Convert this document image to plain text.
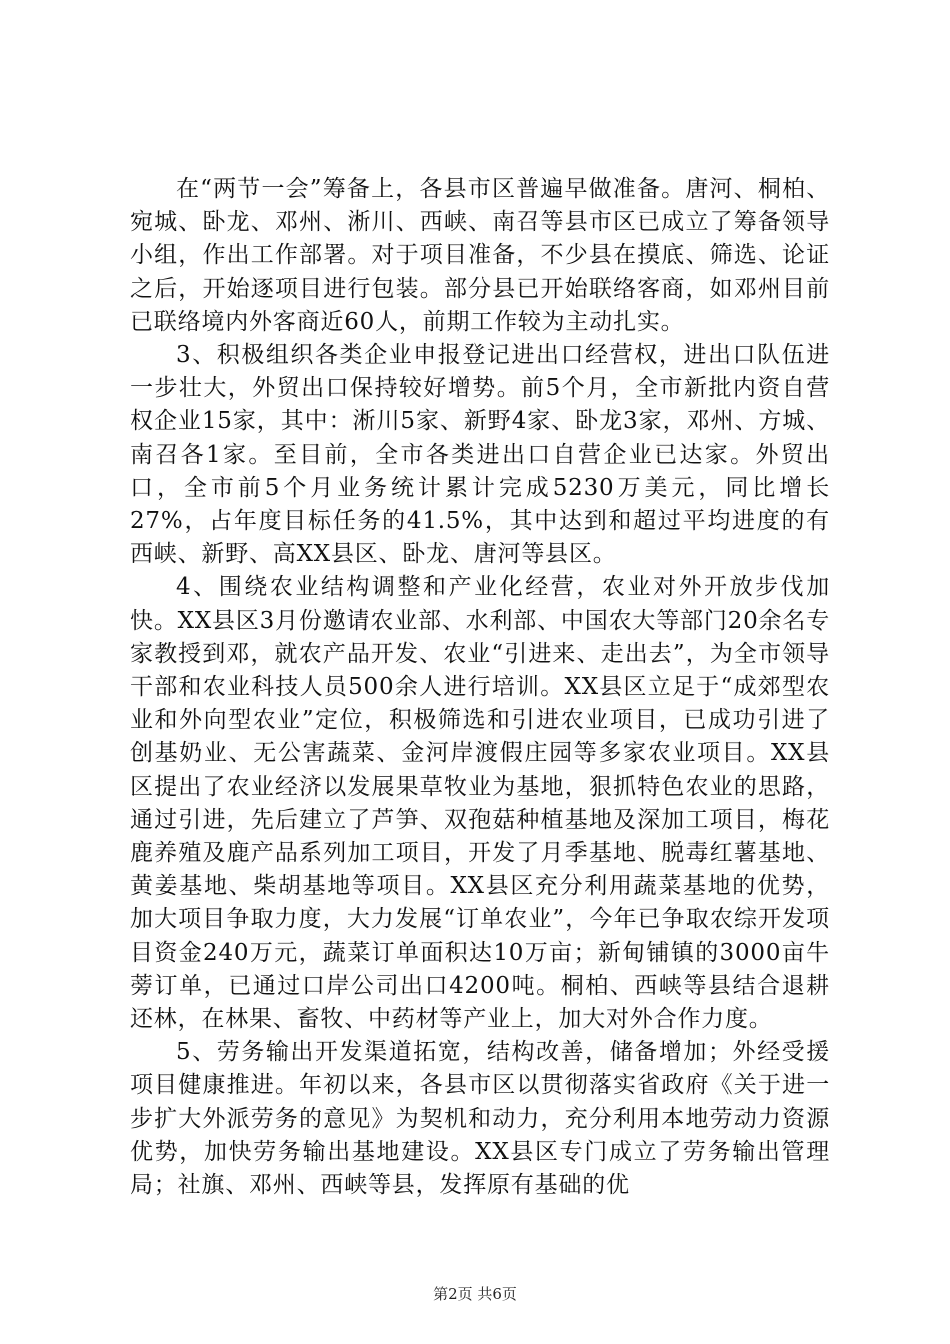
在“两节一会”筹备上，各县市区普遍早做准备。唐河、桐柏、宛城、卧龙、邓州、淅川、西峡、南召等县市区已成立了筹备领导小组，作出工作部署。对于项目准备，不少县在摸底、筛选、论证之后，开始逐项目进行包装。部分县已开始联络客商，如邓州目前已联络境内外客商近60人，前期工作较为主动扎实。

3、积极组织各类企业申报登记进出口经营权，进出口队伍进一步壮大，外贸出口保持较好增势。前5个月，全市新批内资自营权企业15家，其中：淅川5家、新野4家、卧龙3家，邓州、方城、南召各1家。至目前，全市各类进出口自营企业已达家。外贸出口，全市前5个月业务统计累计完成5230万美元，同比增长27%，占年度目标任务的41.5%，其中达到和超过平均进度的有西峡、新野、高XX县区、卧龙、唐河等县区。

4、围绕农业结构调整和产业化经营，农业对外开放步伐加快。XX县区3月份邀请农业部、水利部、中国农大等部门20余名专家教授到邓，就农产品开发、农业“引进来、走出去”，为全市领导干部和农业科技人员500余人进行培训。XX县区立足于“成郊型农业和外向型农业”定位，积极筛选和引进农业项目，已成功引进了创基奶业、无公害蔬菜、金河岸渡假庄园等多家农业项目。XX县区提出了农业经济以发展果草牧业为基地，狠抓特色农业的思路，通过引进，先后建立了芦笋、双孢菇种植基地及深加工项目，梅花鹿养殖及鹿产品系列加工项目，开发了月季基地、脱毒红薯基地、黄姜基地、柴胡基地等项目。XX县区充分利用蔬菜基地的优势，加大项目争取力度，大力发展“订单农业”，今年已争取农综开发项目资金240万元，蔬菜订单面积达10万亩；新甸铺镇的3000亩牛蒡订单，已通过口岸公司出口4200吨。桐柏、西峡等县结合退耕还林，在林果、畜牧、中药材等产业上，加大对外合作力度。

5、劳务输出开发渠道拓宽，结构改善，储备增加；外经受援项目健康推进。年初以来，各县市区以贯彻落实省政府《关于进一步扩大外派劳务的意见》为契机和动力，充分利用本地劳动力资源优势，加快劳务输出基地建设。XX县区专门成立了劳务输出管理局；社旗、邓州、西峡等县，发挥原有基础的优

第2页 共6页
